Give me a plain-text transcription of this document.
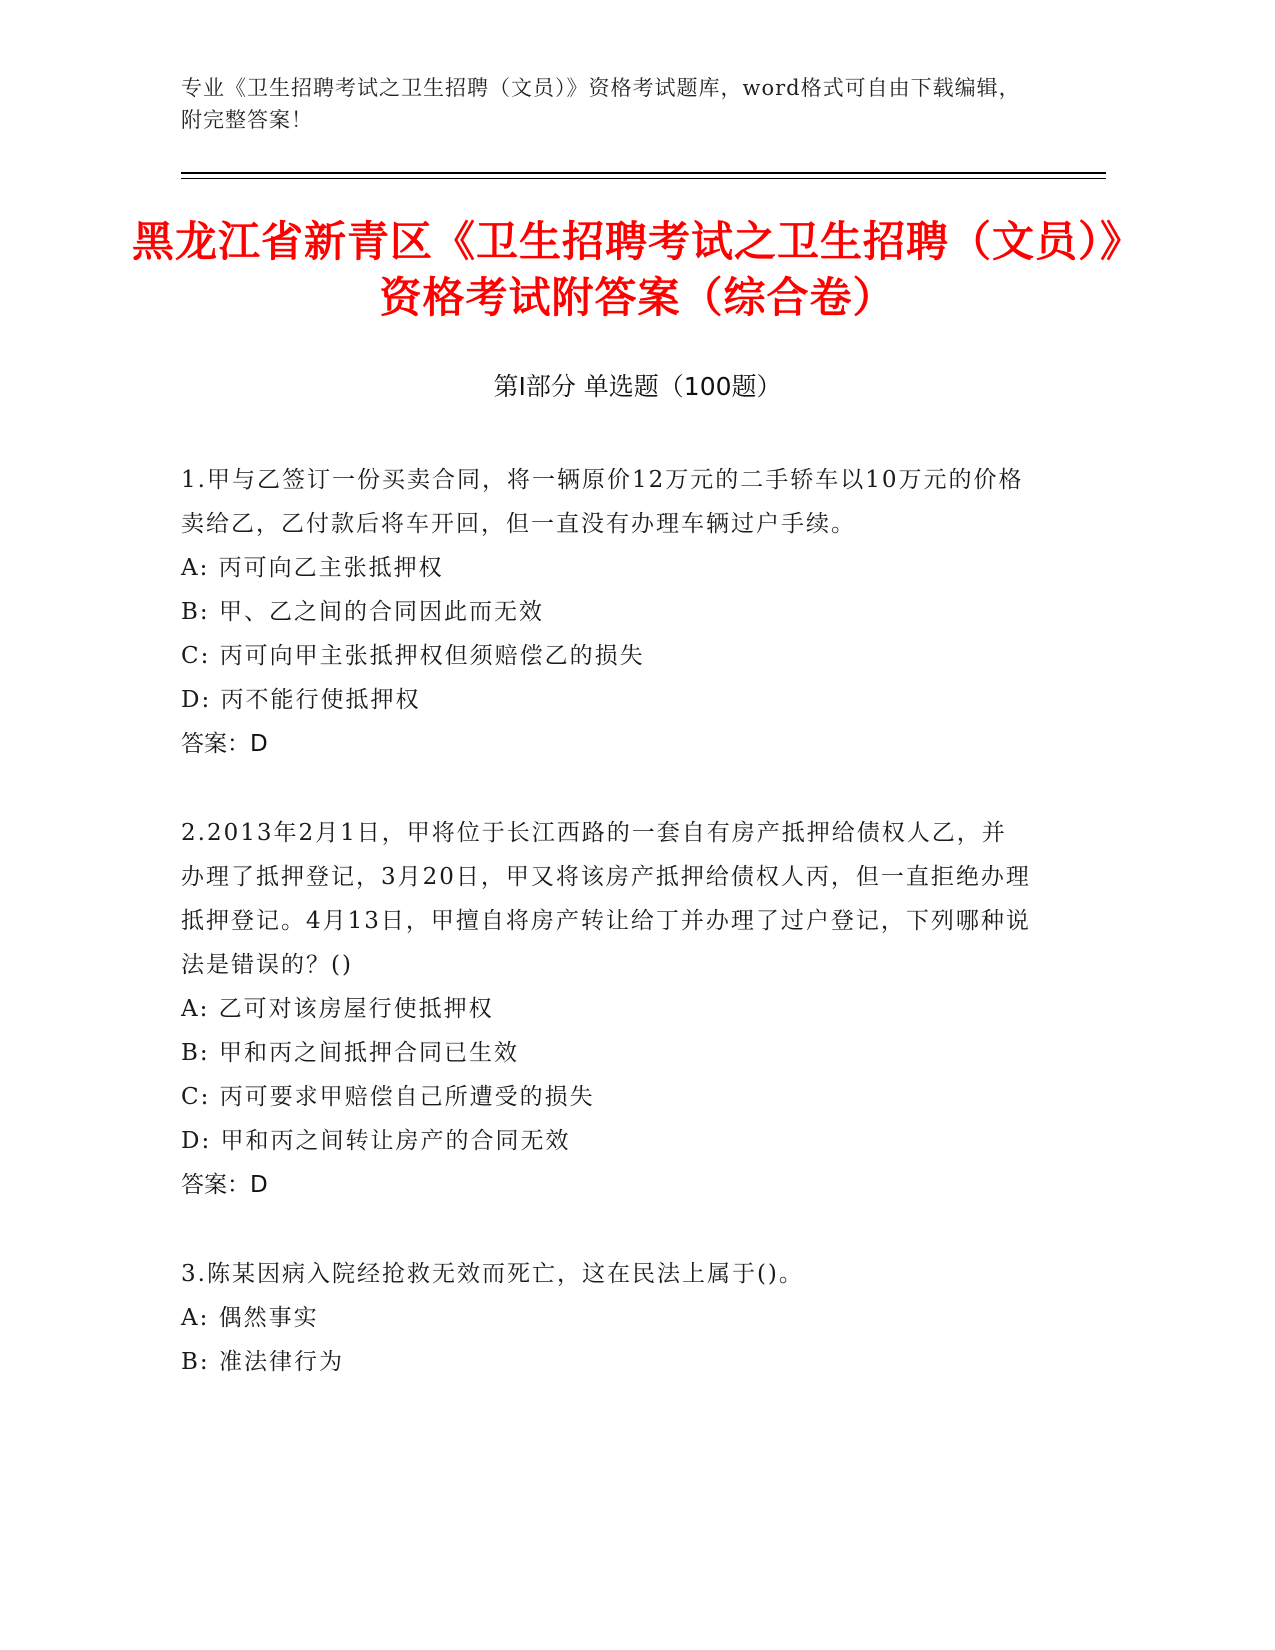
专业《卫生招聘考试之卫生招聘（文员）》资格考试题库，word格式可自由下载编辑，附完整答案！
黑龙江省新青区《卫生招聘考试之卫生招聘（文员）》资格考试附答案（综合卷）
第I部分 单选题（100题）
1.甲与乙签订一份买卖合同，将一辆原价12万元的二手轿车以10万元的价格卖给乙，乙付款后将车开回，但一直没有办理车辆过户手续。
A: 丙可向乙主张抵押权
B: 甲、乙之间的合同因此而无效
C: 丙可向甲主张抵押权但须赔偿乙的损失
D: 丙不能行使抵押权
答案：D
2.2013年2月1日，甲将位于长江西路的一套自有房产抵押给债权人乙，并办理了抵押登记，3月20日，甲又将该房产抵押给债权人丙，但一直拒绝办理抵押登记。4月13日，甲擅自将房产转让给丁并办理了过户登记，下列哪种说法是错误的？()
A: 乙可对该房屋行使抵押权
B: 甲和丙之间抵押合同已生效
C: 丙可要求甲赔偿自己所遭受的损失
D: 甲和丙之间转让房产的合同无效
答案：D
3.陈某因病入院经抢救无效而死亡，这在民法上属于()。
A: 偶然事实
B: 准法律行为
